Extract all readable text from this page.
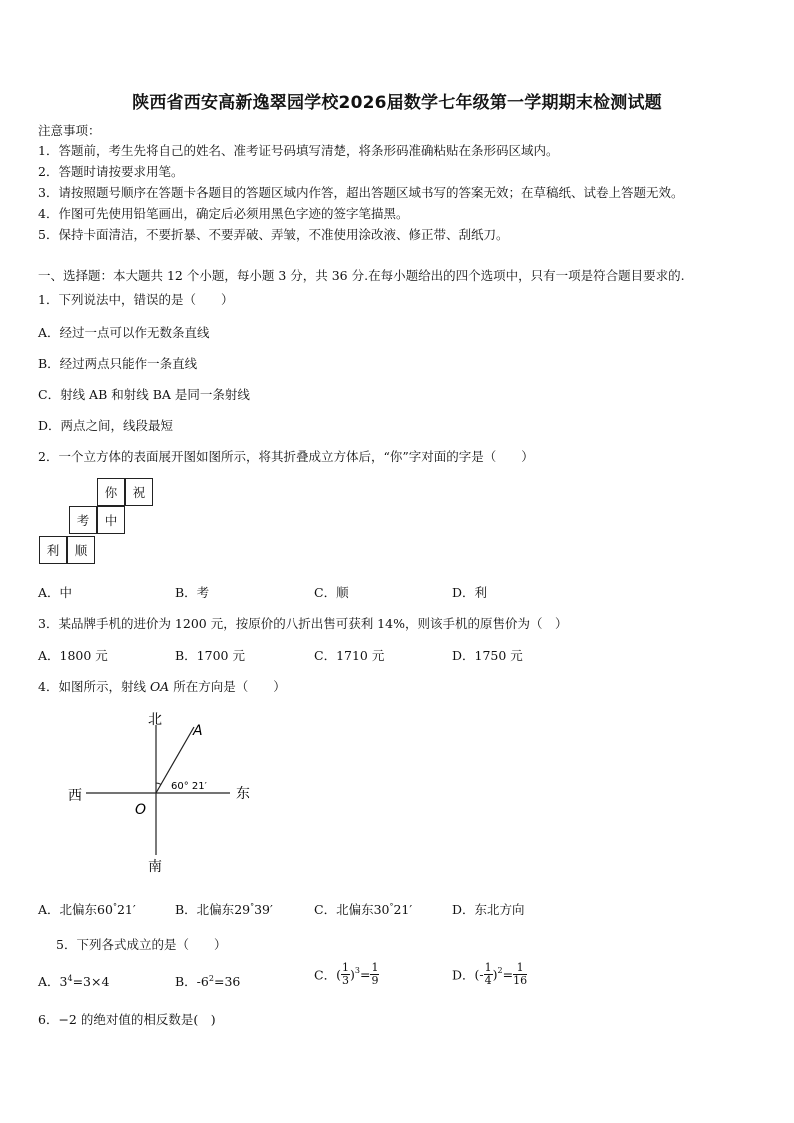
陕西省西安高新逸翠园学校2026届数学七年级第一学期期末检测试题
注意事项：
1．答题前，考生先将自己的姓名、准考证号码填写清楚，将条形码准确粘贴在条形码区域内。
2．答题时请按要求用笔。
3．请按照题号顺序在答题卡各题目的答题区域内作答，超出答题区域书写的答案无效；在草稿纸、试卷上答题无效。
4．作图可先使用铅笔画出，确定后必须用黑色字迹的签字笔描黑。
5．保持卡面清洁，不要折暴、不要弄破、弄皱，不准使用涂改液、修正带、刮纸刀。
一、选择题：本大题共 12 个小题，每小题 3 分，共 36 分.在每小题给出的四个选项中，只有一项是符合题目要求的.
1．下列说法中，错误的是（　　）
A．经过一点可以作无数条直线
B．经过两点只能作一条直线
C．射线 AB 和射线 BA 是同一条射线
D．两点之间，线段最短
2．一个立方体的表面展开图如图所示，将其折叠成立方体后，“你”字对面的字是（　　）
你	祝
考	中
利	顺
A．中	B．考	C．顺	D．利
3．某品牌手机的进价为 1200 元，按原价的八折出售可获利 14%，则该手机的原售价为（　）
A．1800 元	B．1700 元	C．1710 元	D．1750 元
4．如图所示，射线 OA 所在方向是（　　）
北
南
西	东
A
O
60° 21′
A．北偏东60°21′	B．北偏东29°39′	C．北偏东30°21′	D．东北方向
5．下列各式成立的是（　　）
A．$3^4=3\times 4$	B．$-6^2=36$	C．( $\frac{1}{3} )^3= \frac{1}{9}$	D．(- $\frac{1}{4} )^2= \frac{1}{16}$
6．−2 的绝对值的相反数是(　)
